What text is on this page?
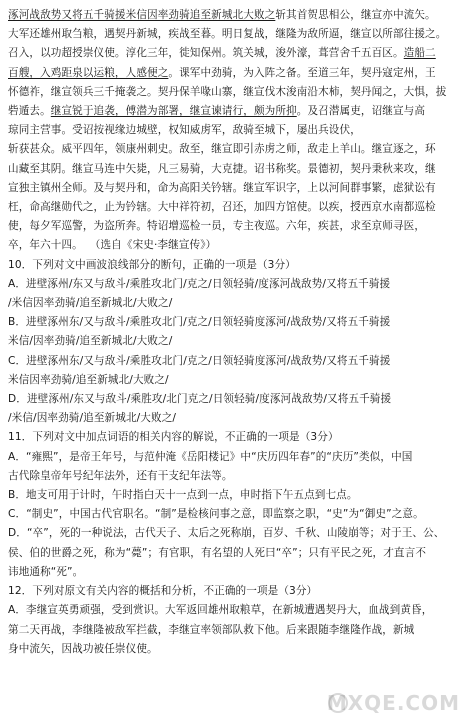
涿河战敌势又将五千骑援米信因率劲骑追至新城北大败之斩其首贺思相公，继宣亦中流矢。

大军还雄州取刍粮，遇契丹新城，疾战至暮。明日复战，继隆为敌所逼，继宣以所部往援之。

召入，以功超授崇仪使。淳化三年，徙知保州。筑关城，浚外濠，葺营舍千五百区。造船二

百艘，入鸡距泉以运粮，人感便之。课军中劲骑，为入阵之备。至道三年，契丹寇定州，王

怀德祚，继宣领兵三千掩袭之。契丹保羊喙山寨，继宣伐木浚南沿木柿，契丹闻之，大惧，拔

砦遁去。继宣锐于追袭，傅潜为部署，继宣谏请行，颇为所抑。及召潜属吏，诏继宣与高

琼同主营事。受诏按视缘边城壁，权知威虏军，敌骑至城下，屡出兵设伏，

斩获甚众。威平四年，领康州刺史。敌至，继宣即引赤虏之师，敌走上羊山。继宣逐之，环

山藏至其阴。继宣马连中矢毙，凡三易骑，大克捷。诏书称奖。景德初，契丹秉秋来攻，继

宣独主镇州全师。及与契丹和，命为高阳关钤辖。继宣军识字，上以河间群事繁，虑狱讼有

枉，命高继勋代之，止为钤辖。大中祥符初，召还，加四方馆使。以疾，授西京水南都巡检

使，每夕军巡警，为盗所奔。特诏增巡检一员，专主夜巡。六年，疾甚，求至京师寻医，

卒，年六十四。 （选自《宋史·李继宣传》）

10．下列对文中画波浪线部分的断句，正确的一项是（3分）

A．进壁涿州/东又与敌斗/乘胜攻北门/克之/日领轻骑/度涿河战敌势/又将五千骑援

/米信因率劲骑/追至新城北/大败之/

B．进壁涿州东/又与敌斗/乘胜攻北门/克之/日领轻骑度涿河/战敌势/又将五千骑援

米信/因率劲骑/追至新城北/大败之/

C．进壁涿州东/又与敌斗/乘胜攻北门/克之/日领轻骑度涿河/战敌势/又将五千骑援

米信因率劲骑/追至新城北/大败之/

D．进壁涿州/东又与敌斗/乘胜攻/北门克之/日领轻骑/度涿河战敌势/又将五千骑援

/米信/因率劲骑/追至新城北/大败之/

11．下列对文中加点词语的相关内容的解说，不正确的一项是（3分）

A．“雍熙”，是帝王年号，与范仲淹《岳阳楼记》中“庆历四年春”的“庆历”类似，中国

古代除皇帝年号纪年法外，还有干支纪年法等。

B．地支可用于计时，午时指白天十一点到一点，申时指下午五点到七点。

C．“制史”，中国古代官职名。“制”是检核问事之意，即监察之职，“史”为“御史”之意。

D．“卒”，死的一种说法，古代天子、太后之死称崩，百岁、千秋、山陵崩等；对于王、公、

侯、伯的世爵之死，称为“薨”；有官职，有名望的人死曰“卒”；只有平民之死，才直言不

讳地通称“死”。

12．下列对原文有关内容的概括和分析，不正确的一项是（3分）

A．李继宣英勇顽强，受到赏识。大军返回雄州取粮草，在新城遭遇契丹大，血战到黄昏，

第二天再战，李继隆被敌军拦截，李继宣率领部队救下他。后来跟随李继隆作战，新城

身中流矢，因战功被任崇仪使。

MXQE.COM
